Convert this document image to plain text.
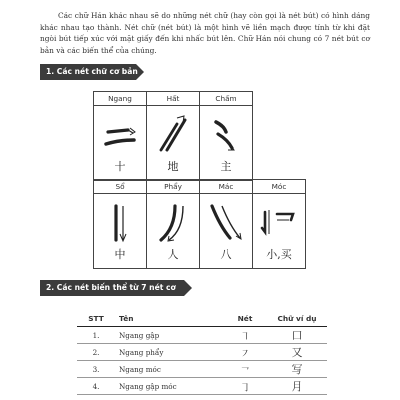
Các chữ Hán khác nhau sẽ do những nét chữ (hay còn gọi là nét bút) có hình dáng khác nhau tạo thành. Nét chữ (nét bút) là một hình vẽ liền mạch được tính từ khi đặt ngòi bút tiếp xúc với mặt giấy đến khi nhấc bút lên. Chữ Hán nói chung có 7 nét bút cơ bản và các biến thể của chúng.

1. Các nét chữ cơ bản
Ngang	Hất	Chấm

十	地	主
Sổ	Phẩy	Mác	Móc

中	人	八	小,买
2. Các nét biến thể từ 7 nét cơ bản
STT	Tên	Nét	Chữ ví dụ
1.	Ngang gập	㇕	口
2.	Ngang phẩy	㇇	又
3.	Ngang móc	㇖	写
4.	Ngang gập móc	㇆	月
